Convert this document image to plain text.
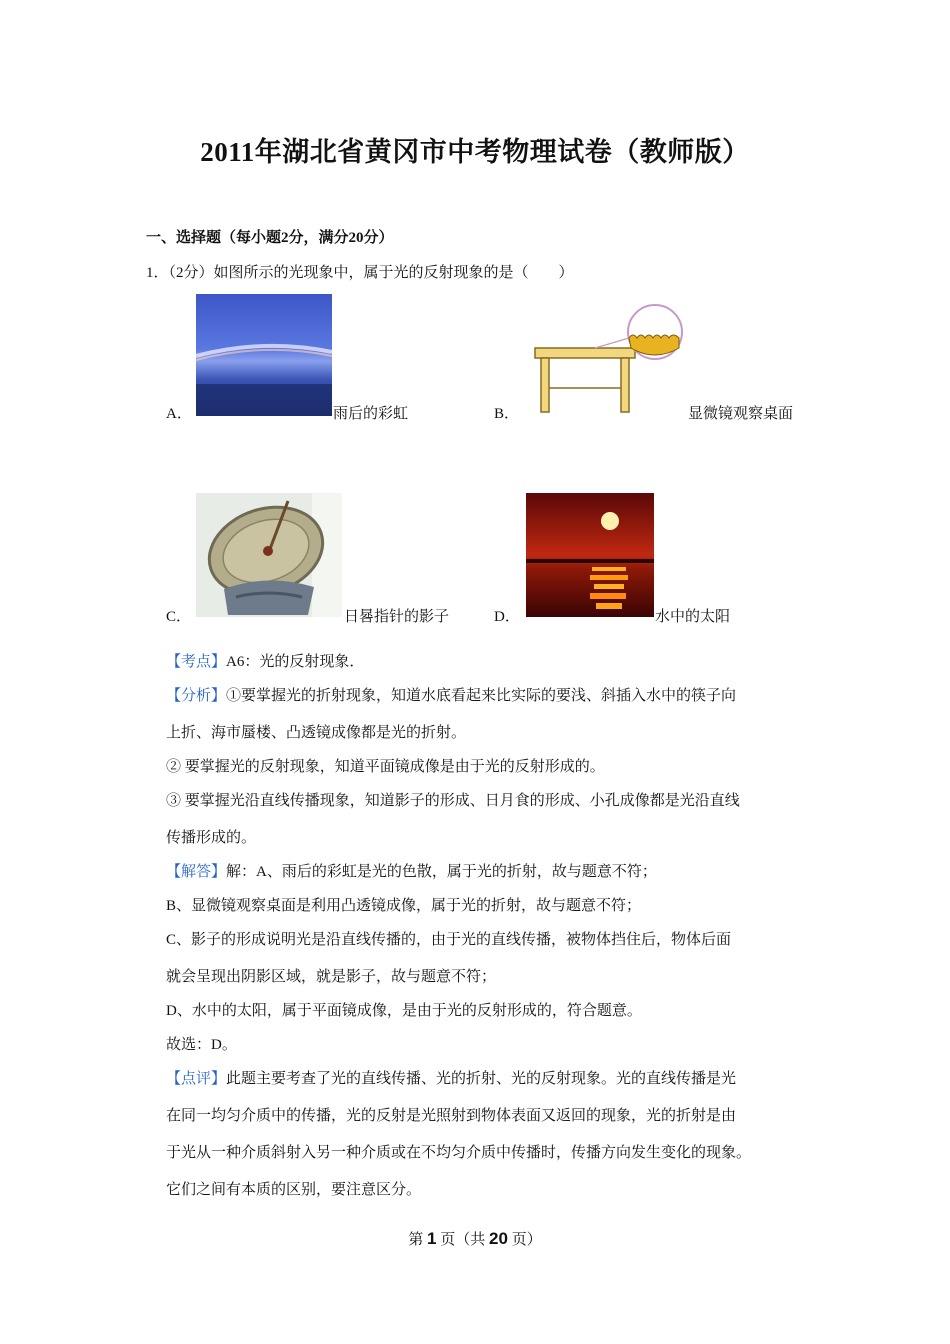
2011年湖北省黄冈市中考物理试卷（教师版）
一、选择题（每小题2分，满分20分）
1．（2分）如图所示的光现象中，属于光的反射现象的是（　　）
A．	雨后的彩虹	B．	显微镜观察桌面
C．	日晷指针的影子	D．	水中的太阳
【考点】A6：光的反射现象．
【分析】①要掌握光的折射现象，知道水底看起来比实际的要浅、斜插入水中的筷子向
上折、海市蜃楼、凸透镜成像都是光的折射。
② 要掌握光的反射现象，知道平面镜成像是由于光的反射形成的。
③ 要掌握光沿直线传播现象，知道影子的形成、日月食的形成、小孔成像都是光沿直线
传播形成的。
【解答】解：A、雨后的彩虹是光的色散，属于光的折射，故与题意不符；
B、显微镜观察桌面是利用凸透镜成像，属于光的折射，故与题意不符；
C、影子的形成说明光是沿直线传播的，由于光的直线传播，被物体挡住后，物体后面
就会呈现出阴影区域，就是影子，故与题意不符；
D、水中的太阳，属于平面镜成像，是由于光的反射形成的，符合题意。
故选：D。
【点评】此题主要考查了光的直线传播、光的折射、光的反射现象。光的直线传播是光
在同一均匀介质中的传播，光的反射是光照射到物体表面又返回的现象，光的折射是由
于光从一种介质斜射入另一种介质或在不均匀介质中传播时，传播方向发生变化的现象。
它们之间有本质的区别，要注意区分。
第 1 页（共 20 页）
